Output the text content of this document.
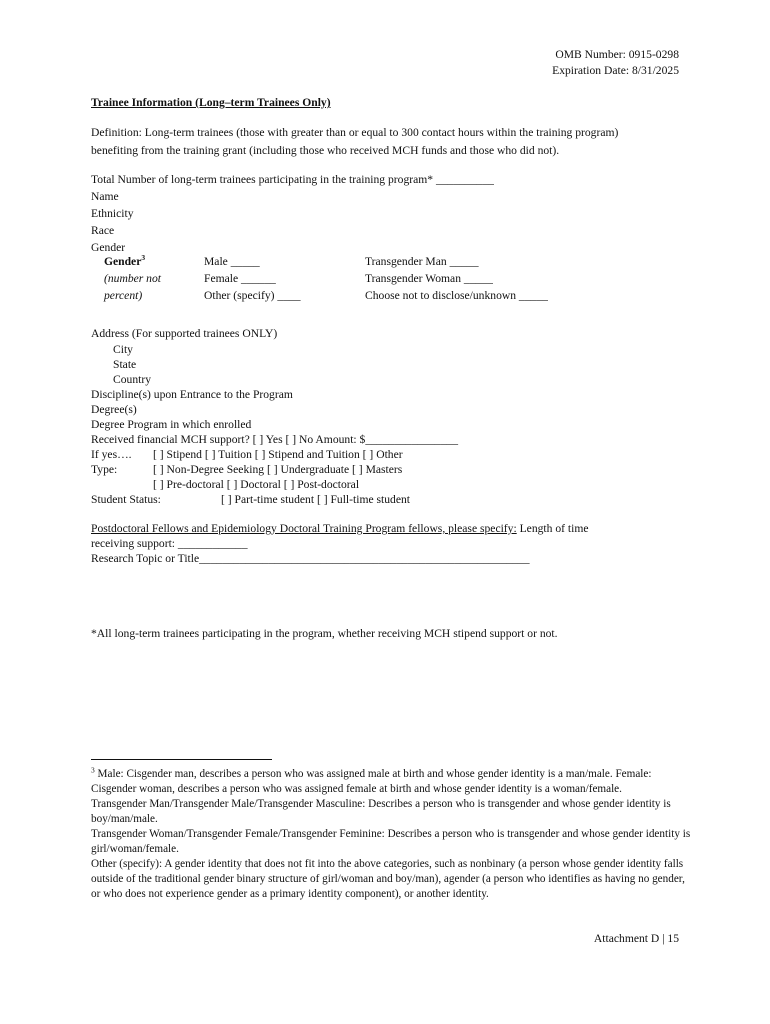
OMB Number: 0915-0298
Expiration Date: 8/31/2025
Trainee Information (Long–term Trainees Only)
Definition: Long-term trainees (those with greater than or equal to 300 contact hours within the training program)
benefiting from the training grant (including those who received MCH funds and those who did not).
Total Number of long-term trainees participating in the training program* __________
Name
Ethnicity
Race
Gender
Gender$^3$
(number not
percent)
Male _____
Female ______
Other (specify) ____
Transgender Man _____
Transgender Woman _____
Choose not to disclose/unknown _____
Address (For supported trainees ONLY)
City
State
Country
Discipline(s) upon Entrance to the Program
Degree(s)
Degree Program in which enrolled
Received financial MCH support? [ ] Yes [ ] No Amount: $________________
If yes…. [ ] Stipend [ ] Tuition [ ] Stipend and Tuition [ ] Other
Type:	[ ] Non-Degree Seeking [ ] Undergraduate [ ] Masters
[ ] Pre-doctoral [ ] Doctoral [ ] Post-doctoral
Student Status:	[ ] Part-time student [ ] Full-time student
Postdoctoral Fellows and Epidemiology Doctoral Training Program fellows, please specify: Length of time
receiving support: ____________
Research Topic or Title_________________________________________________________
*All long-term trainees participating in the program, whether receiving MCH stipend support or not.

$^3$ Male: Cisgender man, describes a person who was assigned male at birth and whose gender identity is a man/male. Female: Cisgender woman, describes a person who was assigned female at birth and whose gender identity is a woman/female.

Transgender Man/Transgender Male/Transgender Masculine: Describes a person who is transgender and whose gender identity is boy/man/male.

Transgender Woman/Transgender Female/Transgender Feminine: Describes a person who is transgender and whose gender identity is girl/woman/female.

Other (specify): A gender identity that does not fit into the above categories, such as nonbinary (a person whose gender identity falls outside of the traditional gender binary structure of girl/woman and boy/man), agender (a person who identifies as having no gender, or who does not experience gender as a primary identity component), or another identity.

Attachment D | 15
